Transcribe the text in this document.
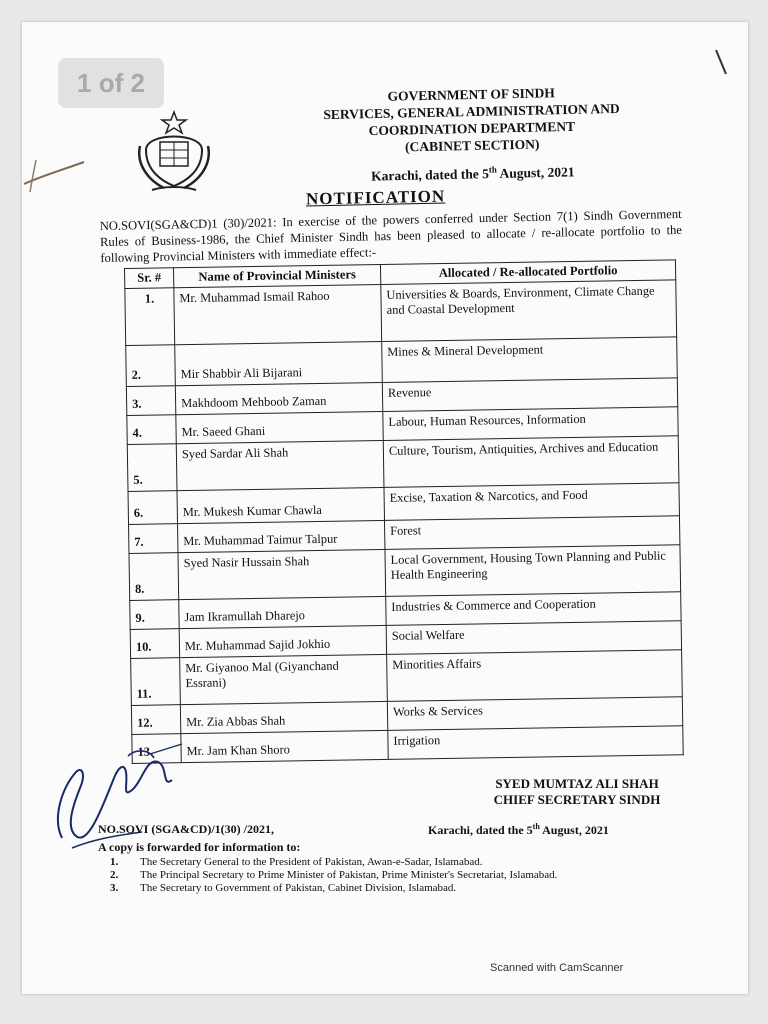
1 of 2	GOVERNMENT OF SINDH
SERVICES, GENERAL ADMINISTRATION AND
COORDINATION DEPARTMENT
(CABINET SECTION)
Karachi, dated the 5th August, 2021
NOTIFICATION
NO.SOVI(SGA&CD)1 (30)/2021: In exercise of the powers conferred under Section 7(1) Sindh Government Rules of Business-1986, the Chief Minister Sindh has been pleased to allocate / re-allocate portfolio to the following Provincial Ministers with immediate effect:-
Sr. #	Name of Provincial Ministers	Allocated / Re-allocated Portfolio
1.	Mr. Muhammad Ismail Rahoo	Universities & Boards, Environment, Climate Change and Coastal Development
2.	Mir Shabbir Ali Bijarani	Mines & Mineral Development
3.	Makhdoom Mehboob Zaman	Revenue
4.	Mr. Saeed Ghani	Labour, Human Resources, Information
5.	Syed Sardar Ali Shah	Culture, Tourism, Antiquities, Archives and Education
6.	Mr. Mukesh Kumar Chawla	Excise, Taxation & Narcotics, and Food
7.	Mr. Muhammad Taimur Talpur	Forest
8.	Syed Nasir Hussain Shah	Local Government, Housing Town Planning and Public Health Engineering
9.	Jam Ikramullah Dharejo	Industries & Commerce and Cooperation
10.	Mr. Muhammad Sajid Jokhio	Social Welfare
11.	Mr. Giyanoo Mal (Giyanchand Essrani)	Minorities Affairs
12.	Mr. Zia Abbas Shah	Works & Services
13.	Mr. Jam Khan Shoro	Irrigation
SYED MUMTAZ ALI SHAH
CHIEF SECRETARY SINDH
NO.SOVI (SGA&CD)/1(30) /2021,	Karachi, dated the 5th August, 2021
A copy is forwarded for information to:
1.	The Secretary General to the President of Pakistan, Awan-e-Sadar, Islamabad.
2.	The Principal Secretary to Prime Minister of Pakistan, Prime Minister's Secretariat, Islamabad.
3.	The Secretary to Government of Pakistan, Cabinet Division, Islamabad.
Scanned with CamScanner
